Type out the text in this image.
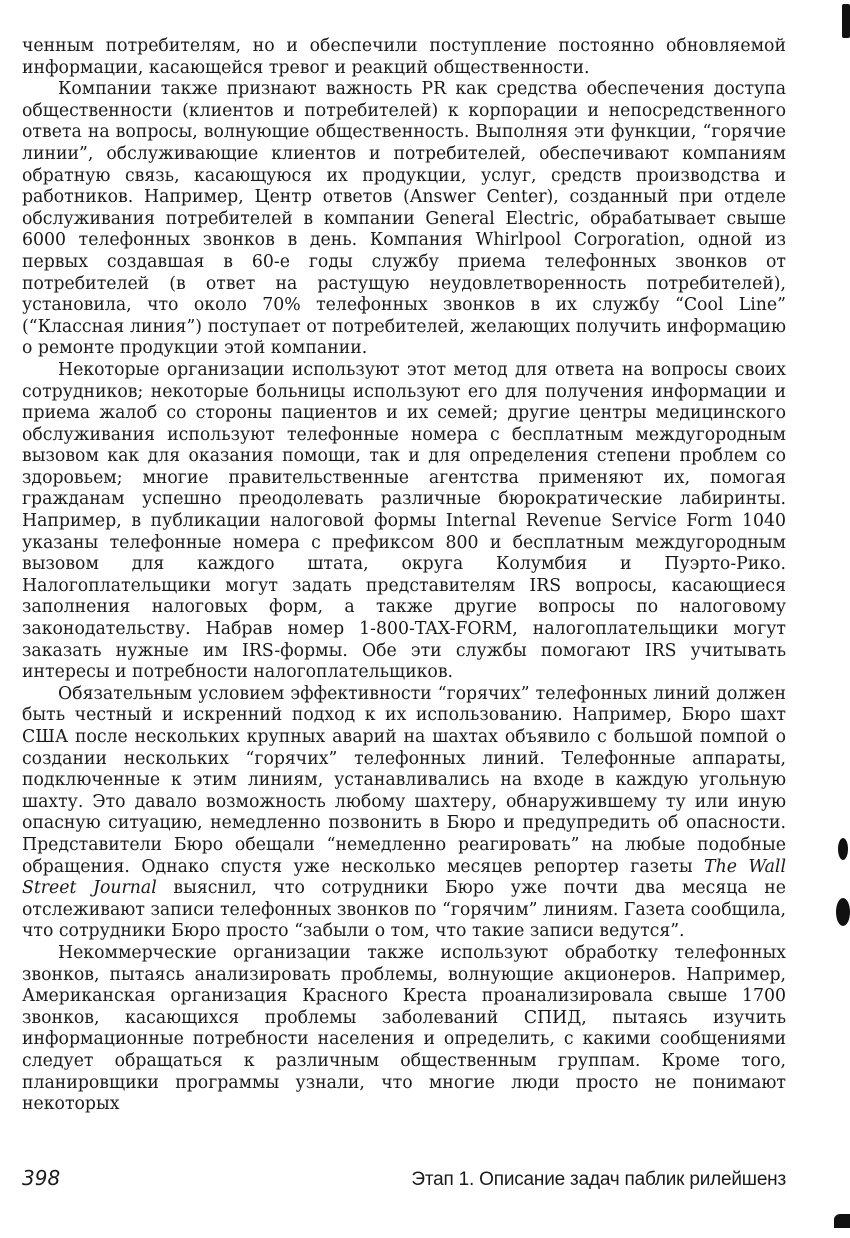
ченным потребителям, но и обеспечили поступление постоянно обновляемой информации, касающейся тревог и реакций общественности.

Компании также признают важность PR как средства обеспечения доступа общественности (клиентов и потребителей) к корпорации и непосредственного ответа на вопросы, волнующие общественность. Выполняя эти функции, “горячие линии”, обслуживающие клиентов и потребителей, обеспечивают компаниям обратную связь, касающуюся их продукции, услуг, средств производства и работников. Например, Центр ответов (Answer Center), созданный при отделе обслуживания потребителей в компании General Electric, обрабатывает свыше 6000 телефонных звонков в день. Компания Whirlpool Corporation, одной из первых создавшая в 60-е годы службу приема телефонных звонков от потребителей (в ответ на растущую неудовлетворенность потребителей), установила, что около 70% телефонных звонков в их службу “Cool Line” (“Классная линия”) поступает от потребителей, желающих получить информацию о ремонте продукции этой компании.

Некоторые организации используют этот метод для ответа на вопросы своих сотрудников; некоторые больницы используют его для получения информации и приема жалоб со стороны пациентов и их семей; другие центры медицинского обслуживания используют телефонные номера с бесплатным междугородным вызовом как для оказания помощи, так и для определения степени проблем со здоровьем; многие правительственные агентства применяют их, помогая гражданам успешно преодолевать различные бюрократические лабиринты. Например, в публикации налоговой формы Internal Revenue Service Form 1040 указаны телефонные номера с префиксом 800 и бесплатным междугородным вызовом для каждого штата, округа Колумбия и Пуэрто-Рико. Налогоплательщики могут задать представителям IRS вопросы, касающиеся заполнения налоговых форм, а также другие вопросы по налоговому законодательству. Набрав номер 1-800-TAX-FORM, налогоплательщики могут заказать нужные им IRS-формы. Обе эти службы помогают IRS учитывать интересы и потребности налогоплательщиков.

Обязательным условием эффективности “горячих” телефонных линий должен быть честный и искренний подход к их использованию. Например, Бюро шахт США после нескольких крупных аварий на шахтах объявило с большой помпой о создании нескольких “горячих” телефонных линий. Телефонные аппараты, подключенные к этим линиям, устанавливались на входе в каждую угольную шахту. Это давало возможность любому шахтеру, обнаружившему ту или иную опасную ситуацию, немедленно позвонить в Бюро и предупредить об опасности. Представители Бюро обещали “немедленно реагировать” на любые подобные обращения. Однако спустя уже несколько месяцев репортер газеты The Wall Street Journal выяснил, что сотрудники Бюро уже почти два месяца не отслеживают записи телефонных звонков по “горячим” линиям. Газета сообщила, что сотрудники Бюро просто “забыли о том, что такие записи ведутся”.

Некоммерческие организации также используют обработку телефонных звонков, пытаясь анализировать проблемы, волнующие акционеров. Например, Американская организация Красного Креста проанализировала свыше 1700 звонков, касающихся проблемы заболеваний СПИД, пытаясь изучить информационные потребности населения и определить, с какими сообщениями следует обращаться к различным общественным группам. Кроме того, планировщики программы узнали, что многие люди просто не понимают некоторых

398	Этап 1. Описание задач паблик рилейшенз
